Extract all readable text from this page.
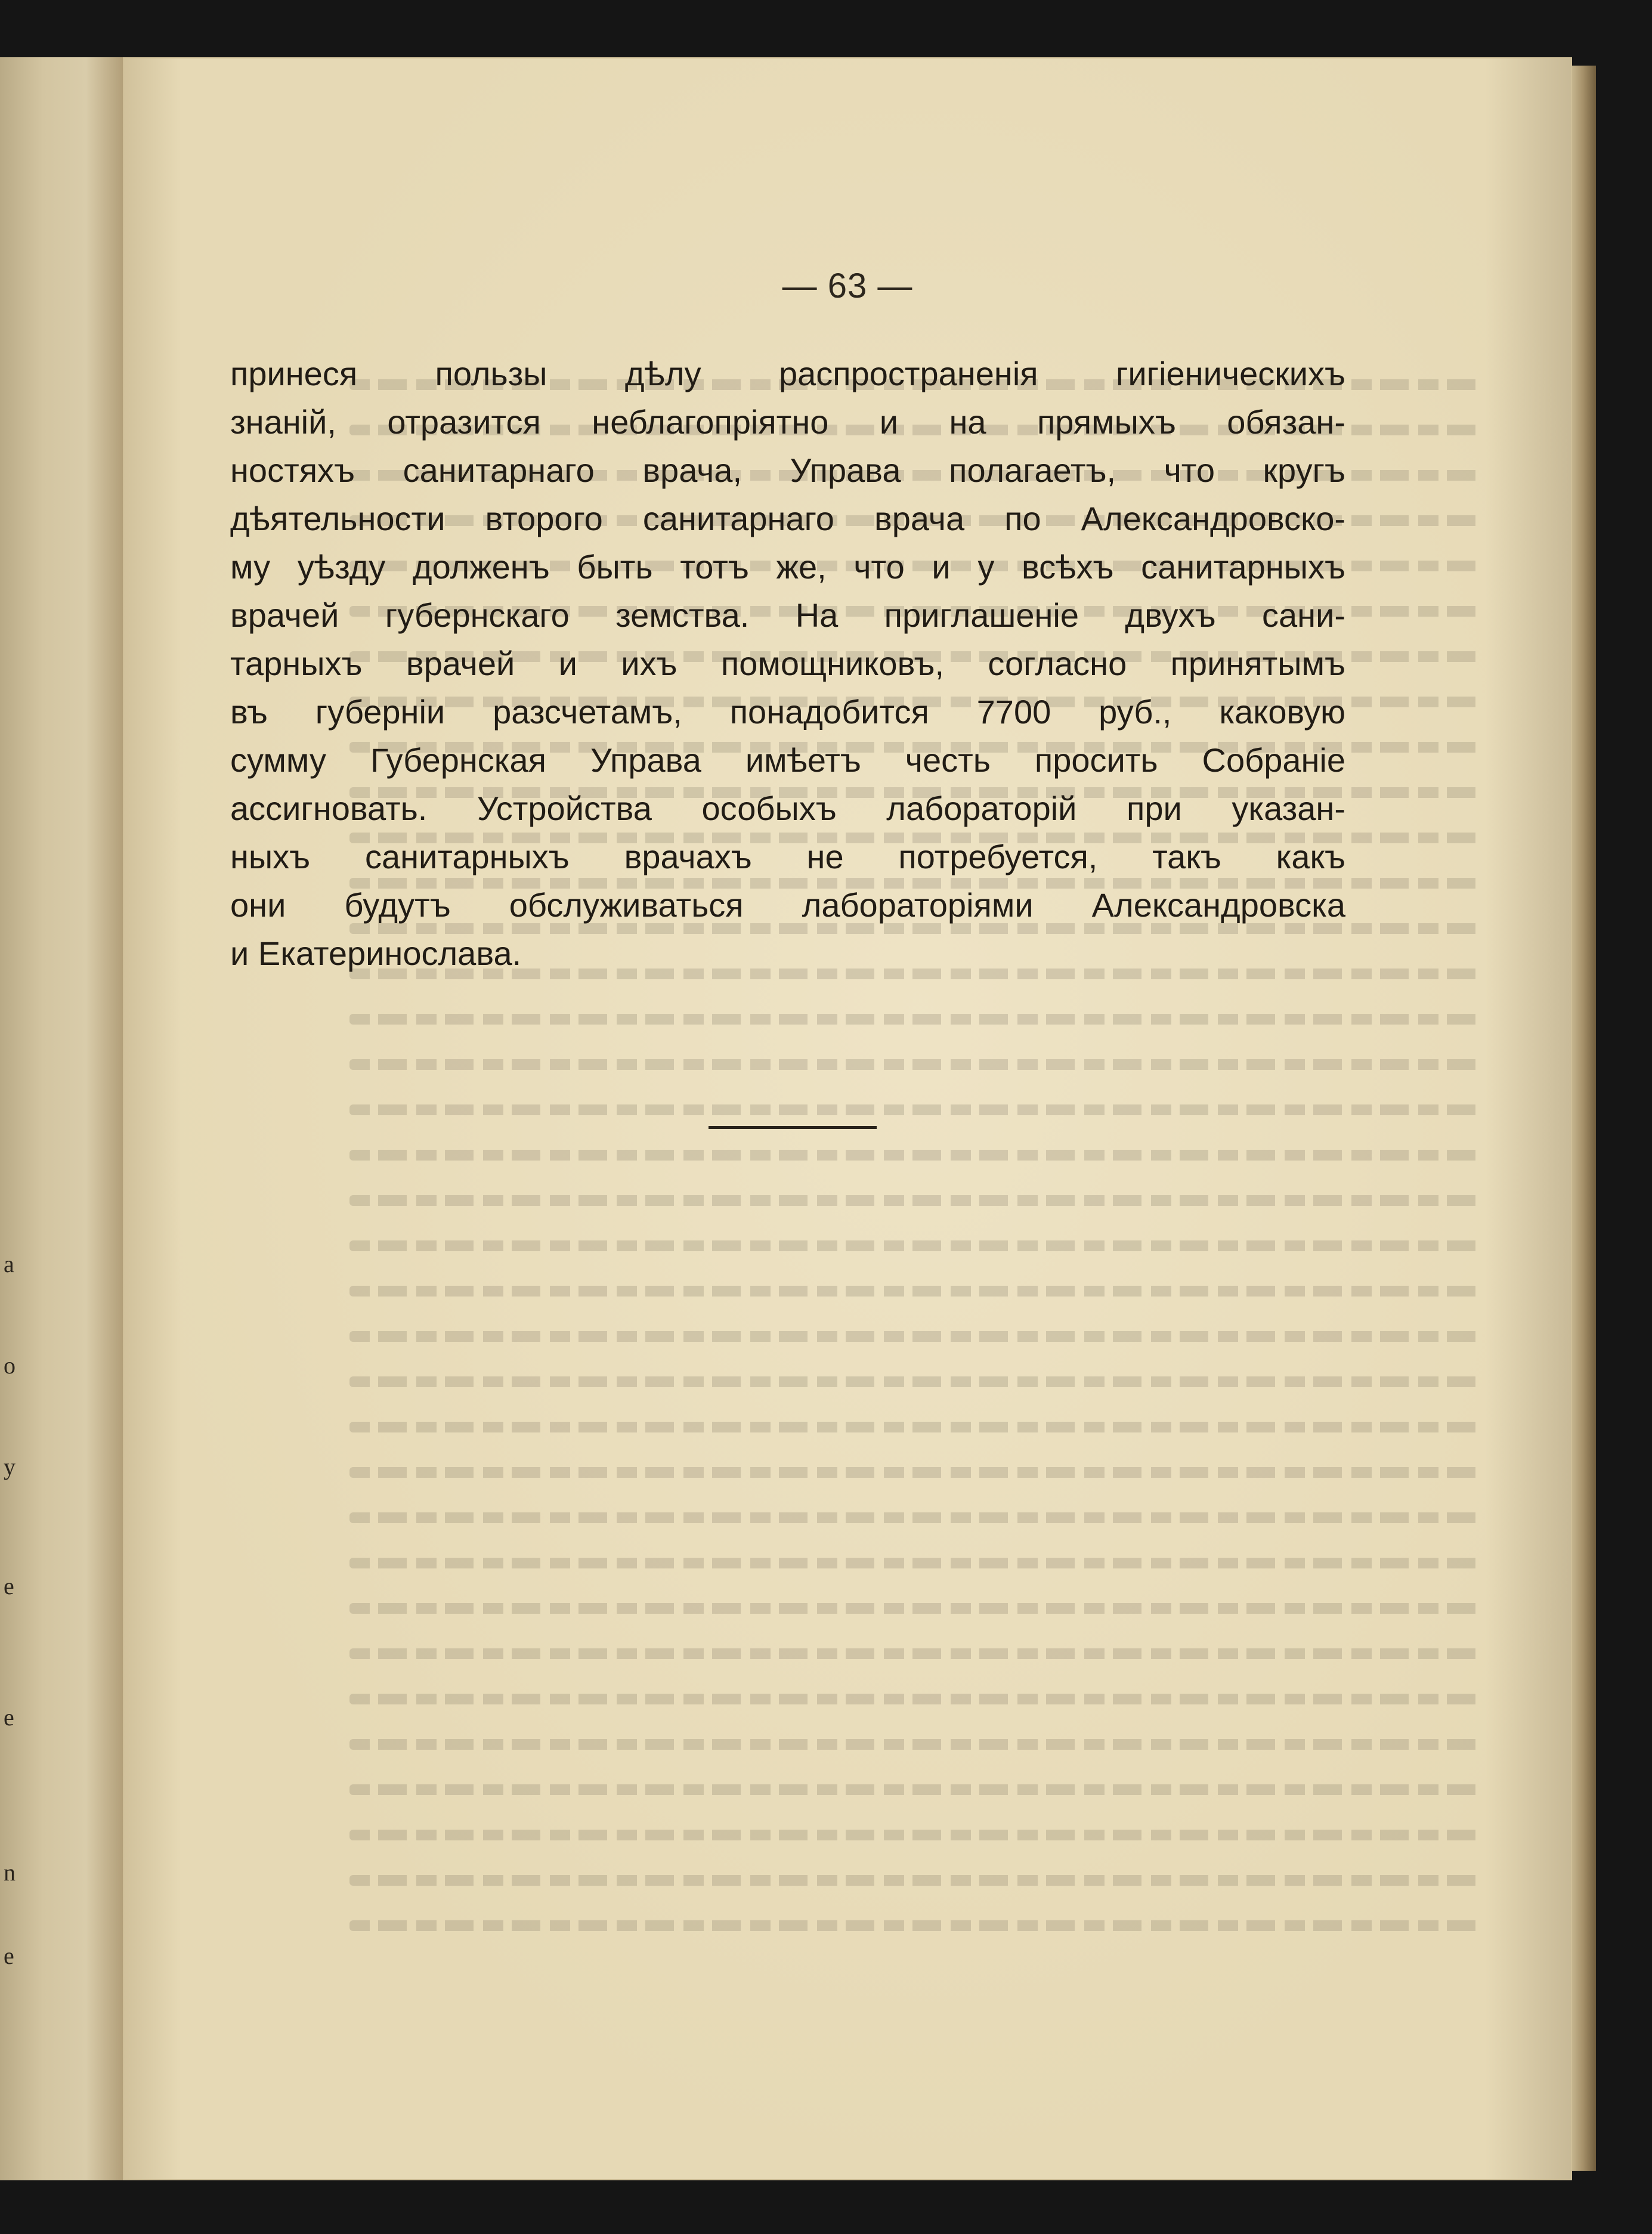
a
o
y
e
e
n
e
— 63 —
принеся пользы дѣлу распространенія гигіеническихъ
знаній, отразится неблагопріятно и на прямыхъ обязан-
ностяхъ санитарнаго врача, Управа полагаетъ, что кругъ
дѣятельности второго санитарнаго врача по Александровско-
му уѣзду долженъ быть тотъ же, что и у всѣхъ санитарныхъ
врачей губернскаго земства. На приглашеніе двухъ сани-
тарныхъ врачей и ихъ помощниковъ, согласно принятымъ
въ губерніи разсчетамъ, понадобится 7700 руб., каковую
сумму Губернская Управа имѣетъ честь просить Собраніе
ассигновать. Устройства особыхъ лабораторій при указан-
ныхъ санитарныхъ врачахъ не потребуется, такъ какъ
они будутъ обслуживаться лабораторіями Александровска
и Екатеринослава.
